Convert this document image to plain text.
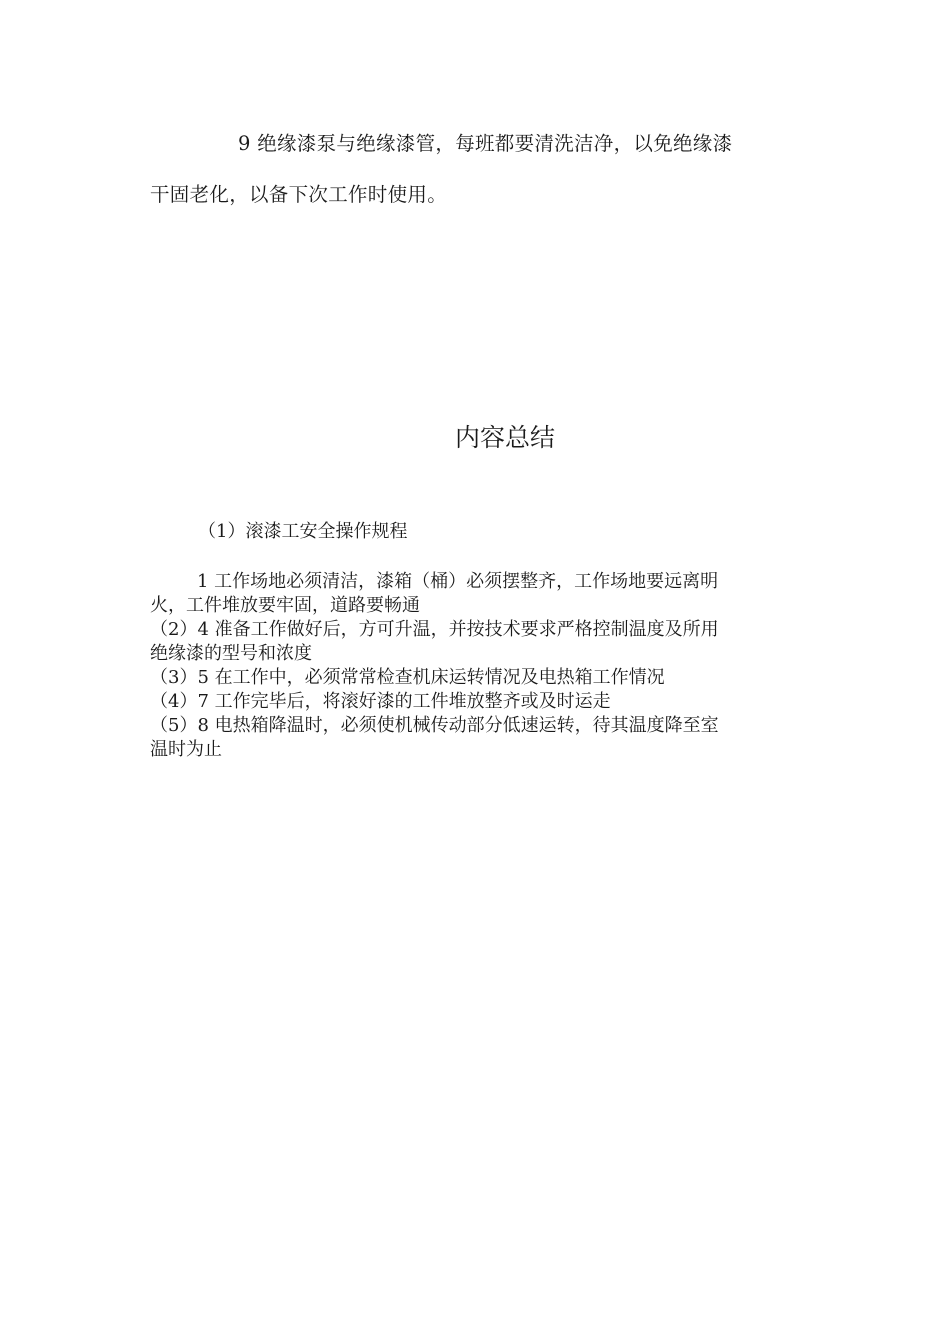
9 绝缘漆泵与绝缘漆管，每班都要清洗洁净，以免绝缘漆
干固老化，以备下次工作时使用。
内容总结
（1）滚漆工安全操作规程
1 工作场地必须清洁，漆箱（桶）必须摆整齐，工作场地要远离明
火，工件堆放要牢固，道路要畅通
（2）4 准备工作做好后，方可升温，并按技术要求严格控制温度及所用
绝缘漆的型号和浓度
（3）5 在工作中，必须常常检查机床运转情况及电热箱工作情况
（4）7 工作完毕后，将滚好漆的工件堆放整齐或及时运走
（5）8 电热箱降温时，必须使机械传动部分低速运转，待其温度降至室
温时为止
